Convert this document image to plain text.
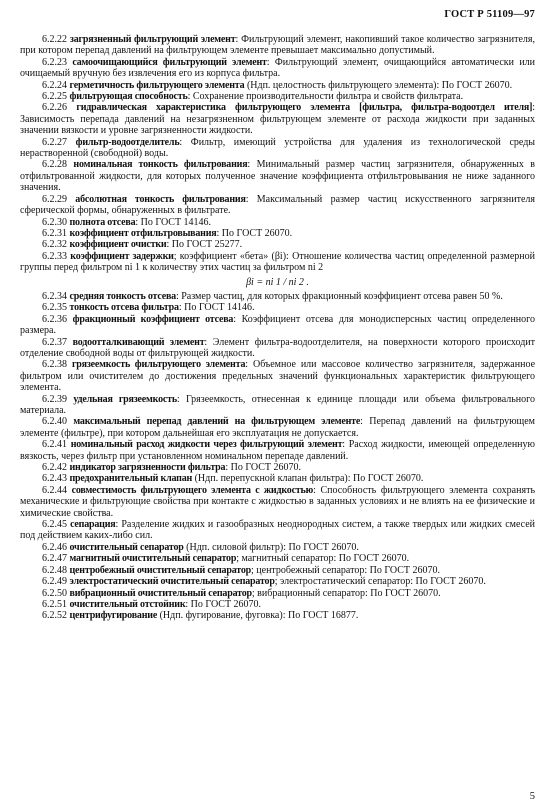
ГОСТ Р 51109—97

6.2.22 загрязненный фильтрующий элемент: Фильтрующий элемент, накопивший такое количество загрязнителя, при котором перепад давлений на фильтрующем элементе превышает максимально допустимый.

6.2.23 самоочищающийся фильтрующий элемент: Фильтрующий элемент, очищающийся автоматически или очищаемый вручную без извлечения его из корпуса фильтра.

6.2.24 герметичность фильтрующего элемента (Ндп. целостность фильтрующего элемента): По ГОСТ 26070.

6.2.25 фильтрующая способность: Сохранение производительности фильтра и свойств фильтрата.

6.2.26 гидравлическая характеристика фильтрующего элемента [фильтра, фильтра-водоотдел ителя]: Зависимость перепада давлений на незагрязненном фильтрующем элементе от расхода жидкости при заданных значении вязкости и уровне загрязненности жидкости.

6.2.27 фильтр-водоотделитель: Фильтр, имеющий устройства для удаления из технологической среды нерастворенной (свободной) воды.

6.2.28 номинальная тонкость фильтрования: Минимальный размер частиц загрязнителя, обнаруженных в отфильтрованной жидкости, для которых полученное значение коэффициента отфильтровывания не ниже заданного значения.

6.2.29 абсолютная тонкость фильтрования: Максимальный размер частиц искусственного загрязнителя сферической формы, обнаруженных в фильтрате.

6.2.30 полнота отсева: По ГОСТ 14146.

6.2.31 коэффициент отфильтровывания: По ГОСТ 26070.

6.2.32 коэффициент очистки: По ГОСТ 25277.

6.2.33 коэффициент задержки; коэффициент «бета» (βi): Отношение количества частиц определенной размерной группы перед фильтром ni 1 к количеству этих частиц за фильтром ni 2

βi = ni 1 / ni 2 .

6.2.34 средняя тонкость отсева: Размер частиц, для которых фракционный коэффициент отсева равен 50 %.

6.2.35 тонкость отсева фильтра: По ГОСТ 14146.

6.2.36 фракционный коэффициент отсева: Коэффициент отсева для монодисперсных частиц определенного размера.

6.2.37 водоотталкивающий элемент: Элемент фильтра-водоотделителя, на поверхности которого происходит отделение свободной воды от фильтрующей жидкости.

6.2.38 грязеемкость фильтрующего элемента: Объемное или массовое количество загрязнителя, задержанное фильтром или очистителем до достижения предельных значений функциональных характеристик фильтрующего элемента.

6.2.39 удельная грязеемкость: Грязеемкость, отнесенная к единице площади или объема фильтровального материала.

6.2.40 максимальный перепад давлений на фильтрующем элементе: Перепад давлений на фильтрующем элементе (фильтре), при котором дальнейшая его эксплуатация не допускается.

6.2.41 номинальный расход жидкости через фильтрующий элемент: Расход жидкости, имеющей определенную вязкость, через фильтр при установленном номинальном перепаде давлений.

6.2.42 индикатор загрязненности фильтра: По ГОСТ 26070.

6.2.43 предохранительный клапан (Ндп. перепускной клапан фильтра): По ГОСТ 26070.

6.2.44 совместимость фильтрующего элемента с жидкостью: Способность фильтрующего элемента сохранять механические и фильтрующие свойства при контакте с жидкостью в заданных условиях и не влиять на ее физические и химические свойства.

6.2.45 сепарация: Разделение жидких и газообразных неоднородных систем, а также твердых или жидких смесей под действием каких-либо сил.

6.2.46 очистительный сепаратор (Ндп. силовой фильтр): По ГОСТ 26070.

6.2.47 магнитный очистительный сепаратор; магнитный сепаратор: По ГОСТ 26070.

6.2.48 центробежный очистительный сепаратор; центробежный сепаратор: По ГОСТ 26070.

6.2.49 электростатический очистительный сепаратор; электростатический сепаратор: По ГОСТ 26070.

6.2.50 вибрационный очистительный сепаратор; вибрационный сепаратор: По ГОСТ 26070.

6.2.51 очистительный отстойник: По ГОСТ 26070.

6.2.52 центрифугирование (Ндп. фугирование, фуговка): По ГОСТ 16877.

5
